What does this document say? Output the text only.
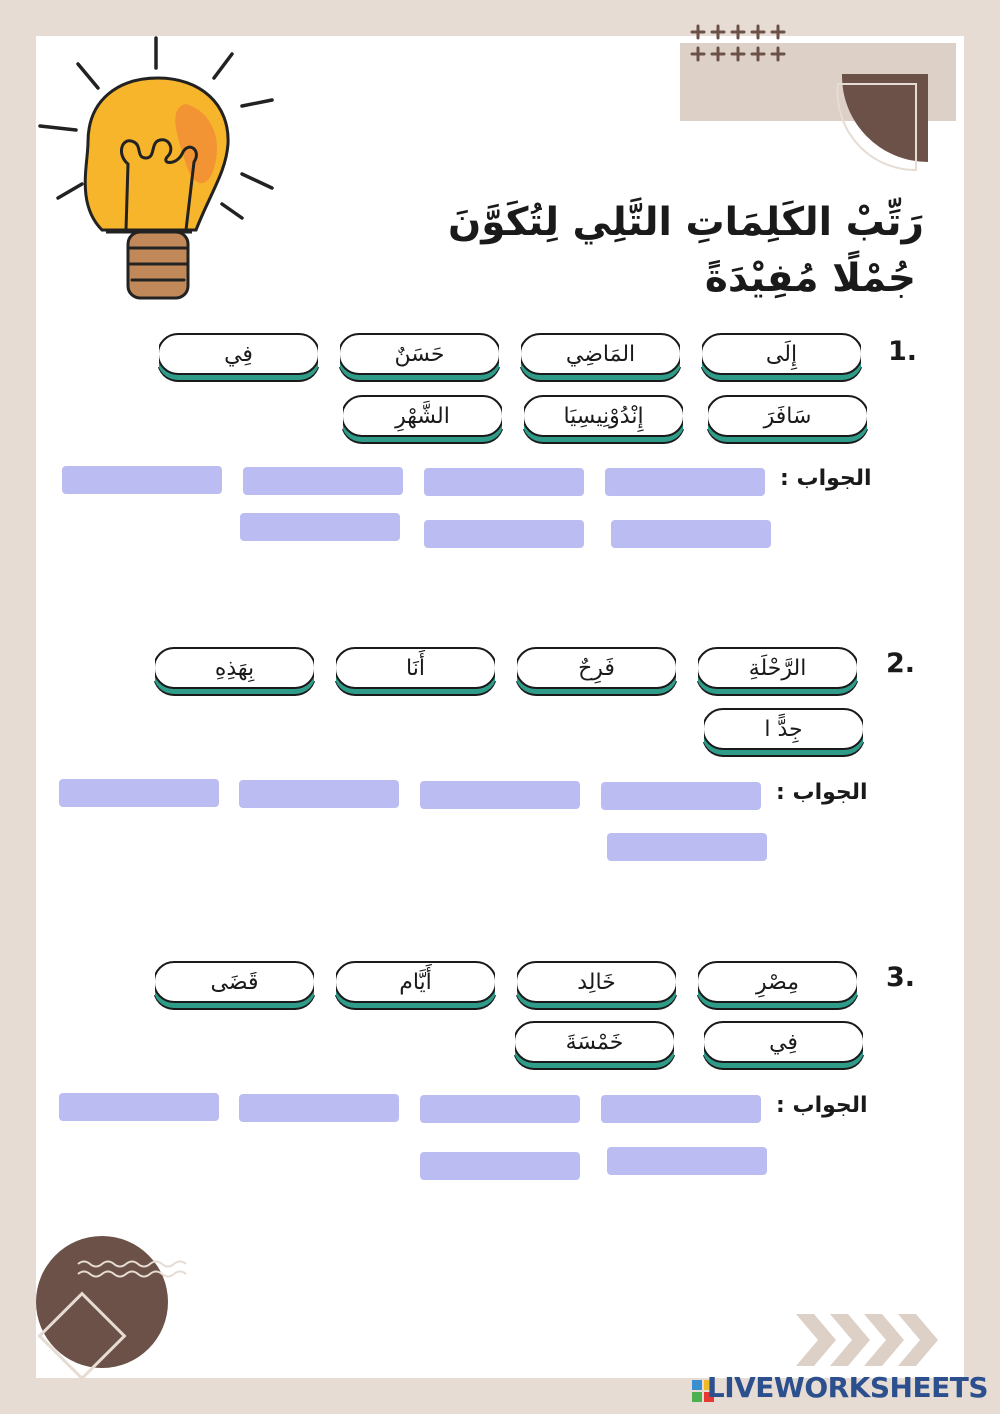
رَتِّبْ الكَلِمَاتِ التَّلِي لِتُكَوَّنَ
جُمْلًا مُفِيْدَةً
1.
إِلَى
المَاضِي
حَسَنٌ
فِي
سَافَرَ
إِنْدُوْنِيسِيَا
الشَّهْرِ
الجواب :
2.
الرَّحْلَةِ
فَرِحٌ
أَنَا
بِهَذِهِ
جِدًّ ا
الجواب :
3.
مِصْرِ
خَالِد
أَيَّام
قَضَى
فِي
خَمْسَةَ
الجواب :
LIVEWORKSHEETS
